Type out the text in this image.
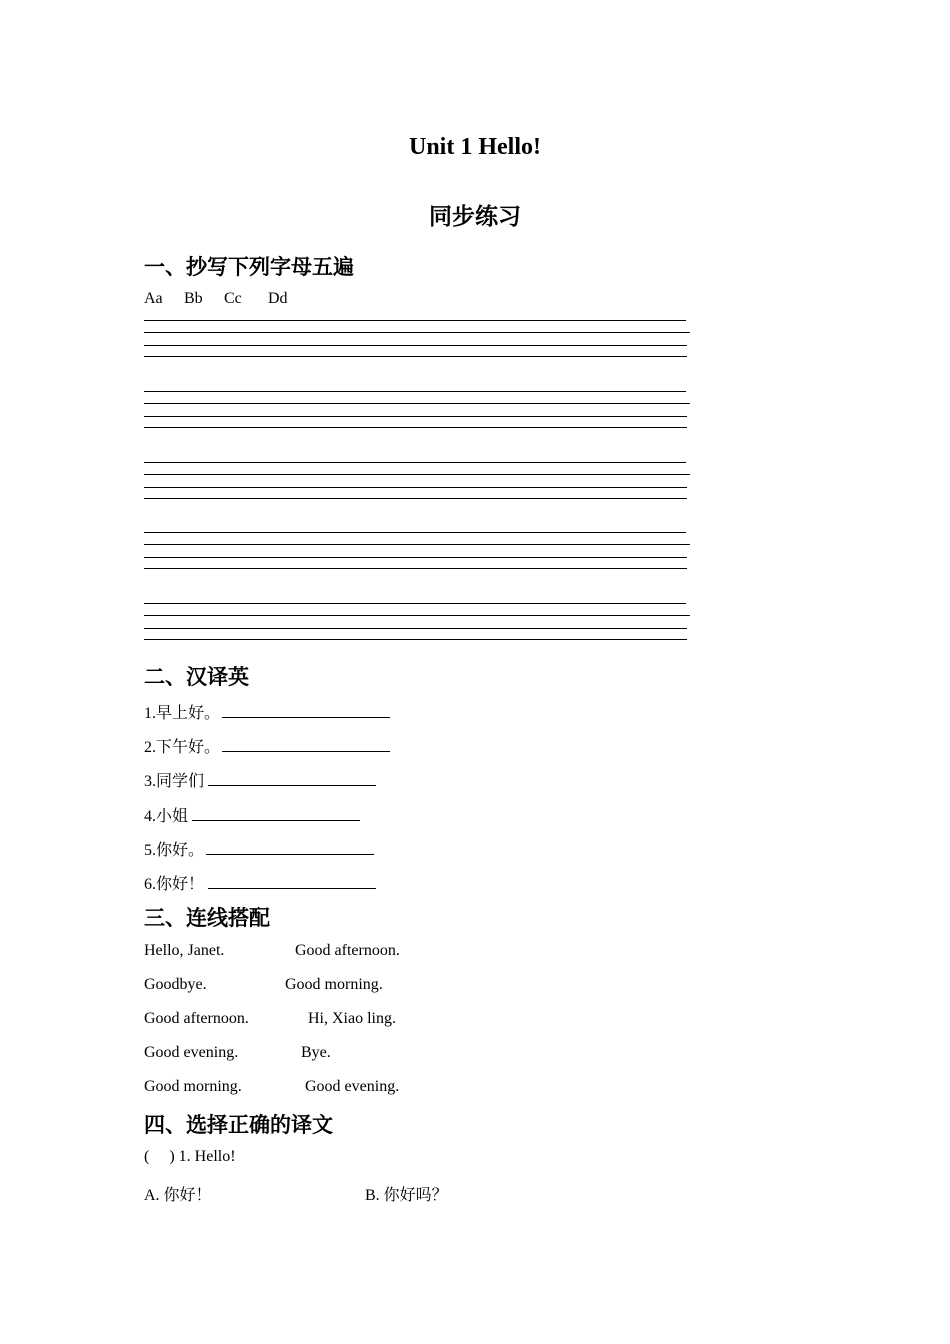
Unit 1 Hello!
同步练习
一、抄写下列字母五遍
Aa Bb Cc Dd
二、汉译英
1.早上好。
2.下午好。
3.同学们
4.小姐
5.你好。
6.你好！
三、连线搭配
Hello, Janet.	Good afternoon.
Goodbye.	Good morning.
Good afternoon.	Hi, Xiao ling.
Good evening.	Bye.
Good morning.	Good evening.
四、选择正确的译文
(     ) 1. Hello!
A. 你好！	B. 你好吗？
